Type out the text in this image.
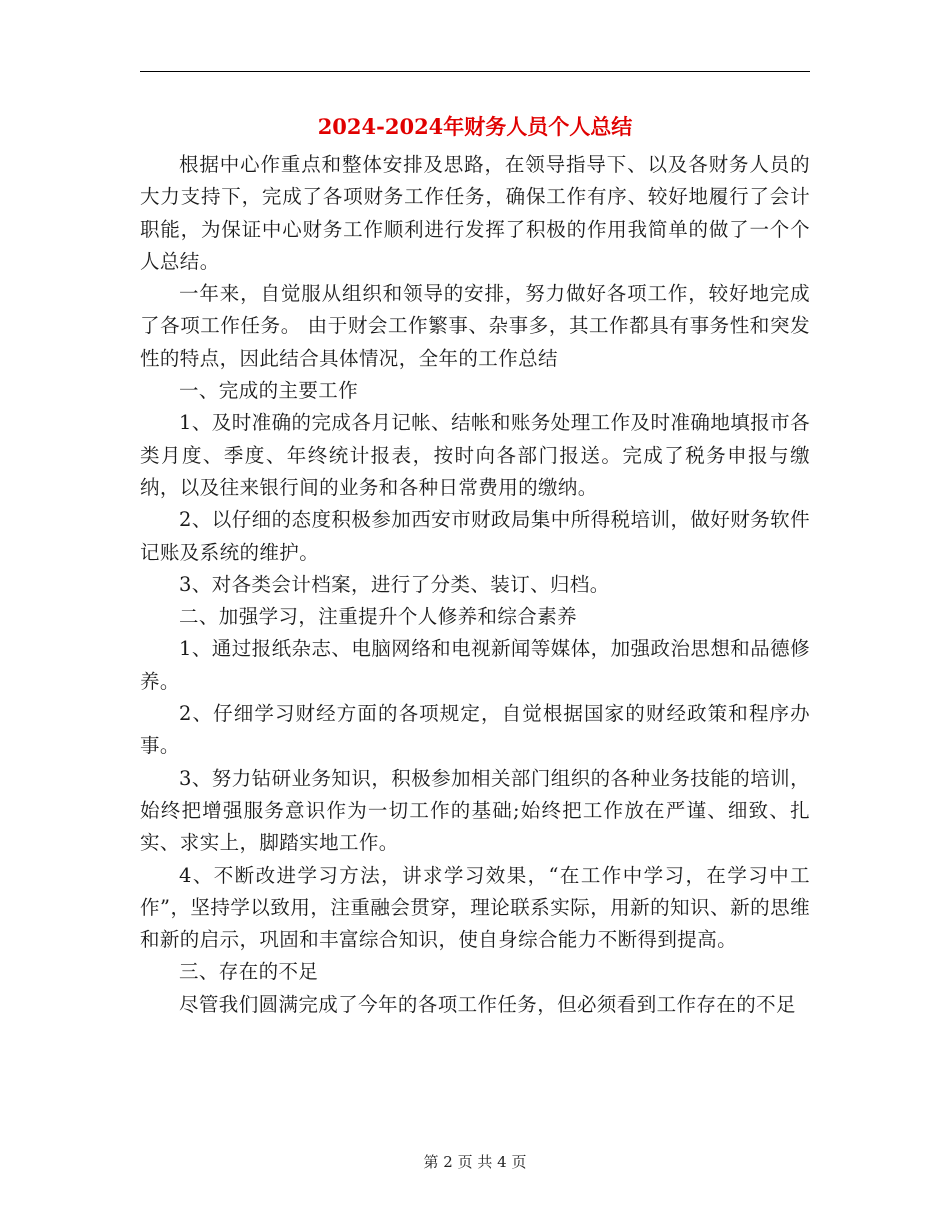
2024-2024年财务人员个人总结

根据中心作重点和整体安排及思路，在领导指导下、以及各财务人员的大力支持下，完成了各项财务工作任务，确保工作有序、较好地履行了会计职能，为保证中心财务工作顺利进行发挥了积极的作用我简单的做了一个个人总结。

一年来，自觉服从组织和领导的安排，努力做好各项工作，较好地完成了各项工作任务。 由于财会工作繁事、杂事多，其工作都具有事务性和突发性的特点，因此结合具体情况，全年的工作总结

一、完成的主要工作

1、及时准确的完成各月记帐、结帐和账务处理工作及时准确地填报市各类月度、季度、年终统计报表，按时向各部门报送。完成了税务申报与缴纳，以及往来银行间的业务和各种日常费用的缴纳。

2、以仔细的态度积极参加西安市财政局集中所得税培训，做好财务软件记账及系统的维护。

3、对各类会计档案，进行了分类、装订、归档。

二、加强学习，注重提升个人修养和综合素养

1、通过报纸杂志、电脑网络和电视新闻等媒体，加强政治思想和品德修养。

2、仔细学习财经方面的各项规定，自觉根据国家的财经政策和程序办事。

3、努力钻研业务知识，积极参加相关部门组织的各种业务技能的培训，始终把增强服务意识作为一切工作的基础;始终把工作放在严谨、细致、扎实、求实上，脚踏实地工作。

4、不断改进学习方法，讲求学习效果，“在工作中学习，在学习中工作”，坚持学以致用，注重融会贯穿，理论联系实际，用新的知识、新的思维和新的启示，巩固和丰富综合知识，使自身综合能力不断得到提高。

三、存在的不足

尽管我们圆满完成了今年的各项工作任务，但必须看到工作存在的不足

第 2 页 共 4 页
